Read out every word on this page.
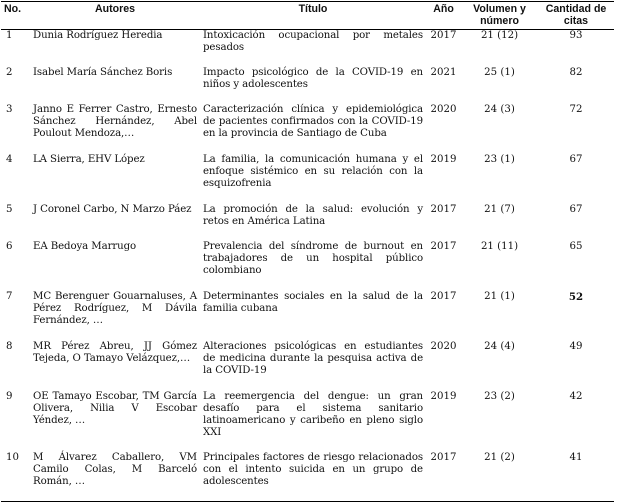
No.	Autores	Título	Año	Volumen y número	Cantidad de citas
1	Dunia Rodríguez Heredia	Intoxicación ocupacional por metales pesados	2017	21 (12)	93
2	Isabel María Sánchez Boris	Impacto psicológico de la COVID-19 en niños y adolescentes	2021	25 (1)	82
3	Janno E Ferrer Castro, Ernesto Sánchez Hernández, Abel Poulout Mendoza,…	Caracterización clínica y epidemiológica de pacientes confirmados con la COVID-19 en la provincia de Santiago de Cuba	2020	24 (3)	72
4	LA Sierra, EHV López	La familia, la comunicación humana y el enfoque sistémico en su relación con la esquizofrenia	2019	23 (1)	67
5	J Coronel Carbo, N Marzo Páez	La promoción de la salud: evolución y retos en América Latina	2017	21 (7)	67
6	EA Bedoya Marrugo	Prevalencia del síndrome de burnout en trabajadores de un hospital público colombiano	2017	21 (11)	65
7	MC Berenguer Gouarnaluses, A Pérez Rodríguez, M Dávila Fernández, …	Determinantes sociales en la salud de la familia cubana	2017	21 (1)	52
8	MR Pérez Abreu, JJ Gómez Tejeda, O Tamayo Velázquez,…	Alteraciones psicológicas en estudiantes de medicina durante la pesquisa activa de la COVID-19	2020	24 (4)	49
9	OE Tamayo Escobar, TM García Olivera, Nilia V Escobar Yéndez, …	La reemergencia del dengue: un gran desafío para el sistema sanitario latinoamericano y caribeño en pleno siglo XXI	2019	23 (2)	42
10	M Álvarez Caballero, VM Camilo Colas, M Barceló Román, …	Principales factores de riesgo relacionados con el intento suicida en un grupo de adolescentes	2017	21 (2)	41
